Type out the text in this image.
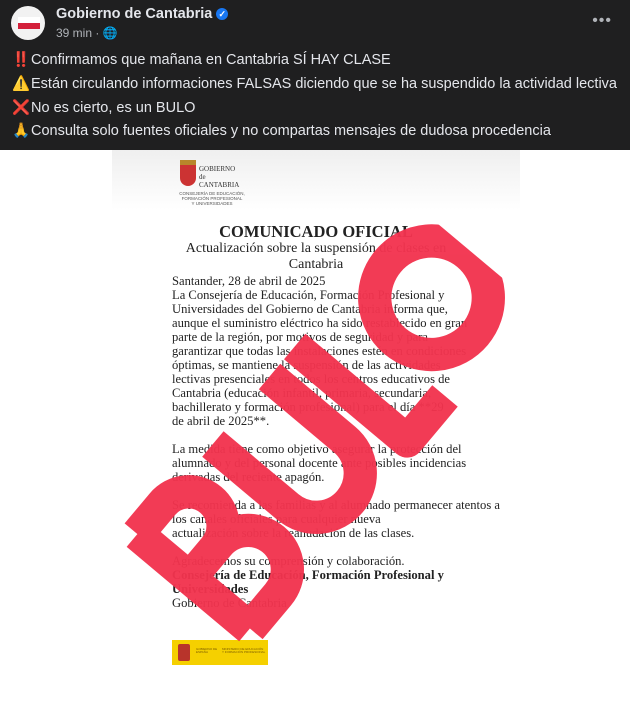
Gobierno de Cantabria ✓
39 min · 🌐
•••
‼️Confirmamos que mañana en Cantabria SÍ HAY CLASE
⚠️Están circulando informaciones FALSAS diciendo que se ha suspendido la actividad lectiva
❌No es cierto, es un BULO
🙏Consulta solo fuentes oficiales y no compartas mensajes de dudosa procedencia
GOBIERNO
de
CANTABRIA
CONSEJERÍA DE EDUCACIÓN,
FORMACIÓN PROFESIONAL
Y UNIVERSIDADES
COMUNICADO OFICIAL
Actualización sobre la suspensión de clases en
Cantabria
Santander, 28 de abril de 2025
La Consejería de Educación, Formación Profesional y
Universidades del Gobierno de Cantabria informa que,
aunque el suministro eléctrico ha sido restablecido en gran
parte de la región, por motivos de seguridad y para
garantizar que todas las instalaciones estén en condiciones
óptimas, se mantiene la suspensión de las actividades
lectivas presenciales en todos los centros educativos de
Cantabria (educación infantil, primaria, secundaria,
bachillerato y formación profesional) para el día **29
de abril de 2025**.
La medida tiene como objetivo asegurar la protección del
alumnado y del personal docente ante posibles incidencias
derivadas del reciente apagón.
Se recomienda a las familias y al alumnado permanecer atentos a
los canales oficiales para cualquier nueva
actualización sobre la reanudación de las clases.
Agradecemos su comprensión y colaboración.
Consejería de Educación, Formación Profesional y
Universidades
Gobierno de Cantabria
GOBIERNO DE ESPAÑA
MINISTERIO DE EDUCACIÓN Y FORMACIÓN PROFESIONAL
